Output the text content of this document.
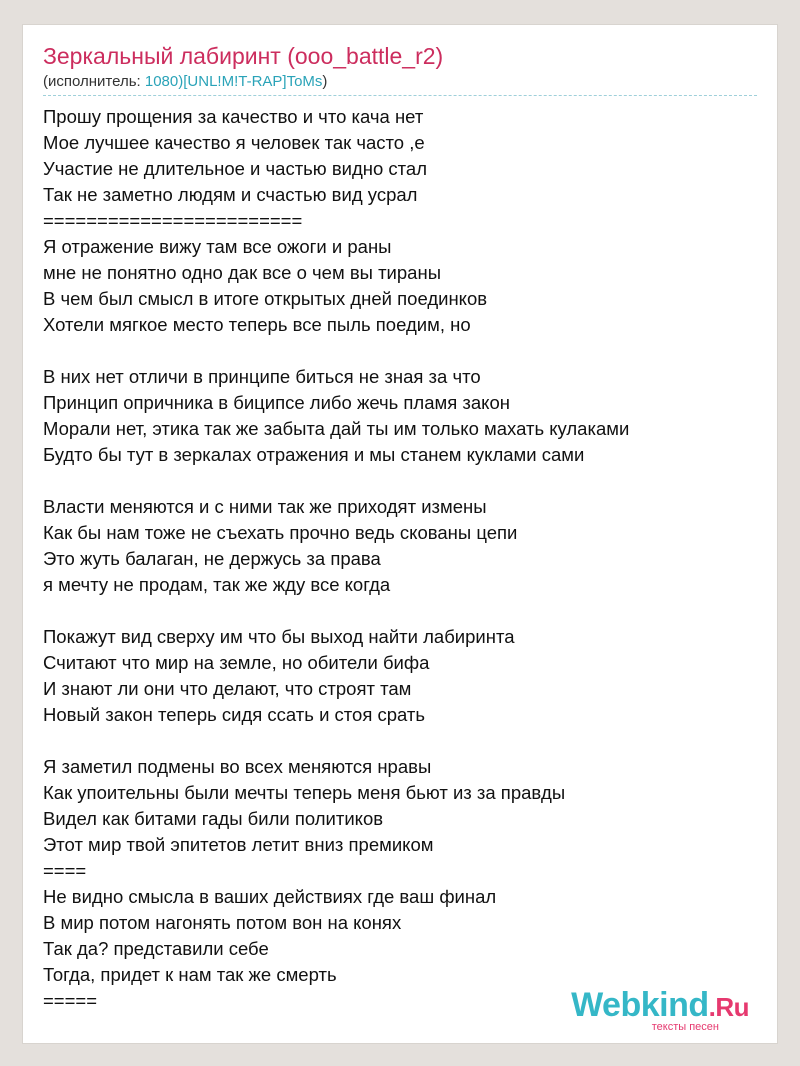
Зеркальный лабиринт (ооо_battle_r2)
(исполнитель: 1080)[UNL!M!T-RAP]ToMs)
Прошу прощения за качество и что кача нет
Мое лучшее качество я человек так часто ,е
Участие не длительное и частью видно стал
Так не заметно людям и счастью вид усрал
========================
Я отражение вижу там все ожоги и раны
мне не понятно одно дак все о чем вы тираны
В чем был смысл в итоге открытых дней поединков
Хотели мягкое место теперь все пыль поедим, но
В них нет отличи в принципе биться не зная за что
Принцип опричника в биципсе либо жечь пламя закон
Морали нет, этика так же забыта дай ты им только махать кулаками
Будто бы тут в зеркалах отражения и мы станем куклами сами
Власти меняются и с ними так же приходят измены
Как бы нам тоже не съехать прочно ведь скованы цепи
Это жуть балаган, не держусь за права
я мечту не продам, так же жду все когда
Покажут вид сверху им что бы выход найти лабиринта
Считают что мир на земле, но обители бифа
И знают ли они что делают, что строят там
Новый закон теперь сидя ссать и стоя срать
Я заметил подмены во всех меняются нравы
Как упоительны были мечты теперь меня бьют из за правды
Видел как битами гады били политиков
Этот мир твой эпитетов летит вниз премиком
====
Не видно смысла в ваших действиях где ваш финал
В мир потом нагонять потом вон на конях
Так да? представили себе
Тогда, придет к нам так же смерть
=====	Webkind.Ru
тексты песен
